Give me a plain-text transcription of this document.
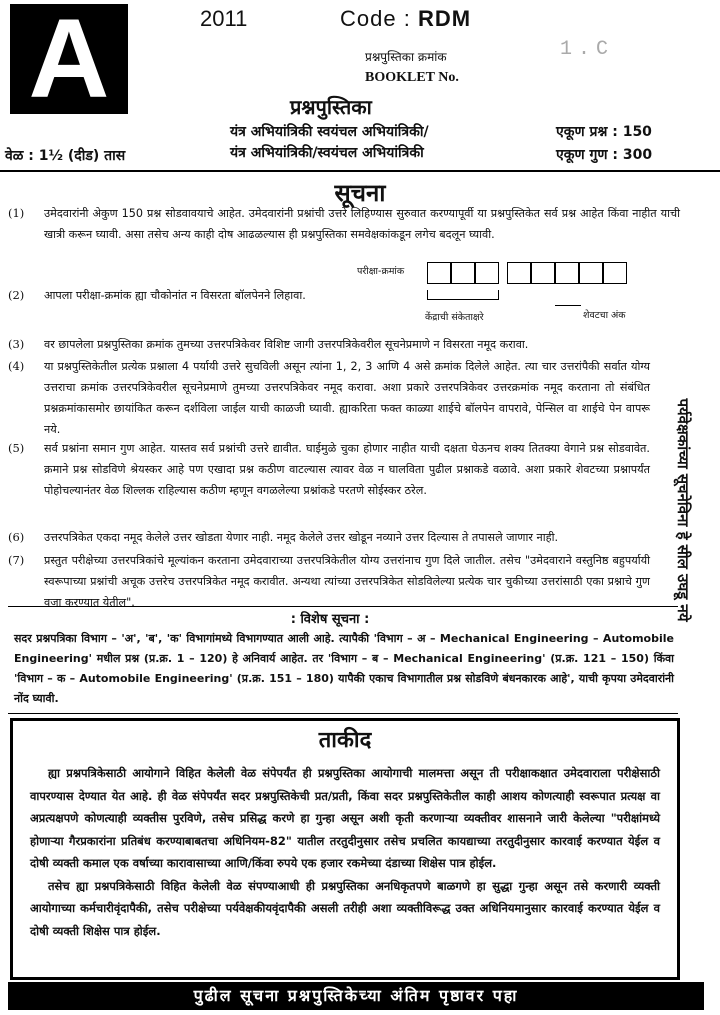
A	2011	Code : RDM
प्रश्नपुस्तिका क्रमांक
BOOKLET No.
1.C
प्रश्नपुस्तिका
यंत्र अभियांत्रिकी स्वयंचल अभियांत्रिकी/
यंत्र अभियांत्रिकी/स्वयंचल अभियांत्रिकी
वेळ : 1½ (दीड) तास
एकूण प्रश्न : 150
एकूण गुण : 300
सूचना
(1) उमेदवारांनी अेकुण 150 प्रश्न सोडवावयाचे आहेत. उमेदवारांनी प्रश्नांची उत्तरे लिहिण्यास सुरुवात करण्यापूर्वी या प्रश्नपुस्तिकेत सर्व प्रश्न आहेत किंवा नाहीत याची खात्री करून घ्यावी. असा तसेच अन्य काही दोष आढळल्यास ही प्रश्नपुस्तिका समवेक्षकांकडून लगेच बदलून घ्यावी.
(2) आपला परीक्षा-क्रमांक ह्या चौकोनांत न विसरता बॉलपेनने लिहावा.
परीक्षा-क्रमांक
केंद्राची संकेताक्षरे	शेवटचा अंक
(3) वर छापलेला प्रश्नपुस्तिका क्रमांक तुमच्या उत्तरपत्रिकेवर विशिष्ट जागी उत्तरपत्रिकेवरील सूचनेप्रमाणे न विसरता नमूद करावा.
(4) या प्रश्नपुस्तिकेतील प्रत्येक प्रश्नाला 4 पर्यायी उत्तरे सुचविली असून त्यांना 1, 2, 3 आणि 4 असे क्रमांक दिलेले आहेत. त्या चार उत्तरांपैकी सर्वात योग्य उत्तराचा क्रमांक उत्तरपत्रिकेवरील सूचनेप्रमाणे तुमच्या उत्तरपत्रिकेवर नमूद करावा. अशा प्रकारे उत्तरपत्रिकेवर उत्तरक्रमांक नमूद करताना तो संबंधित प्रश्नक्रमांकासमोर छायांकित करून दर्शविला जाईल याची काळजी घ्यावी. ह्याकरिता फक्त काळ्या शाईचे बॉलपेन वापरावे, पेन्सिल वा शाईचे पेन वापरू नये.
(5) सर्व प्रश्नांना समान गुण आहेत. यास्तव सर्व प्रश्नांची उत्तरे द्यावीत. घाईमुळे चुका होणार नाहीत याची दक्षता घेऊनच शक्य तितक्या वेगाने प्रश्न सोडवावेत. क्रमाने प्रश्न सोडविणे श्रेयस्कर आहे पण एखादा प्रश्न कठीण वाटल्यास त्यावर वेळ न घालविता पुढील प्रश्नाकडे वळावे. अशा प्रकारे शेवटच्या प्रश्नापर्यंत पोहोचल्यानंतर वेळ शिल्लक राहिल्यास कठीण म्हणून वगळलेल्या प्रश्नांकडे परतणे सोईस्कर ठरेल.
(6) उत्तरपत्रिकेत एकदा नमूद केलेले उत्तर खोडता येणार नाही. नमूद केलेले उत्तर खोडून नव्याने उत्तर दिल्यास ते तपासले जाणार नाही.
(7) प्रस्तुत परीक्षेच्या उत्तरपत्रिकांचे मूल्यांकन करताना उमेदवाराच्या उत्तरपत्रिकेतील योग्य उत्तरांनाच गुण दिले जातील. तसेच "उमेदवाराने वस्तुनिष्ठ बहुपर्यायी स्वरूपाच्या प्रश्नांची अचूक उत्तरेच उत्तरपत्रिकेत नमूद करावीत. अन्यथा त्यांच्या उत्तरपत्रिकेत सोडविलेल्या प्रत्येक चार चुकीच्या उत्तरांसाठी एका प्रश्नाचे गुण वजा करण्यात येतील".	पर्यवेक्षकांच्या सूचनेविना हे सील उघडू नये
: विशेष सूचना :
सदर प्रश्नपत्रिका विभाग – 'अ', 'ब', 'क' विभागांमध्ये विभागण्यात आली आहे. त्यापैकी 'विभाग – अ – Mechanical Engineering – Automobile Engineering' मधील प्रश्न (प्र.क्र. 1 – 120) हे अनिवार्य आहेत. तर 'विभाग – ब – Mechanical Engineering' (प्र.क्र. 121 – 150) किंवा 'विभाग – क – Automobile Engineering' (प्र.क्र. 151 – 180) यापैकी एकाच विभागातील प्रश्न सोडविणे बंधनकारक आहे', याची कृपया उमेदवारांनी नोंद घ्यावी.
ताकीद

ह्या प्रश्नपत्रिकेसाठी आयोगाने विहित केलेली वेळ संपेपर्यंत ही प्रश्नपुस्तिका आयोगाची मालमत्ता असून ती परीक्षाकक्षात उमेदवाराला परीक्षेसाठी वापरण्यास देण्यात येत आहे. ही वेळ संपेपर्यंत सदर प्रश्नपुस्तिकेची प्रत/प्रती, किंवा सदर प्रश्नपुस्तिकेतील काही आशय कोणत्याही स्वरूपात प्रत्यक्ष वा अप्रत्यक्षपणे कोणत्याही व्यक्तीस पुरविणे, तसेच प्रसिद्ध करणे हा गुन्हा असून अशी कृती करणाऱ्या व्यक्तीवर शासनाने जारी केलेल्या "परीक्षांमध्ये होणाऱ्या गैरप्रकारांना प्रतिबंध करण्याबाबतचा अधिनियम-82" यातील तरतुदीनुसार तसेच प्रचलित कायद्याच्या तरतुदीनुसार कारवाई करण्यात येईल व दोषी व्यक्ती कमाल एक वर्षाच्या कारावासाच्या आणि/किंवा रुपये एक हजार रकमेच्या दंडाच्या शिक्षेस पात्र होईल.

तसेच ह्या प्रश्नपत्रिकेसाठी विहित केलेली वेळ संपण्याआधी ही प्रश्नपुस्तिका अनधिकृतपणे बाळगणे हा सुद्धा गुन्हा असून तसे करणारी व्यक्ती आयोगाच्या कर्मचारीवृंदापैकी, तसेच परीक्षेच्या पर्यवेक्षकीयवृंदापैकी असली तरीही अशा व्यक्तीविरूद्ध उक्त अधिनियमानुसार कारवाई करण्यात येईल व दोषी व्यक्ती शिक्षेस पात्र होईल.

पुढील सूचना प्रश्नपुस्तिकेच्या अंतिम पृष्ठावर पहा
